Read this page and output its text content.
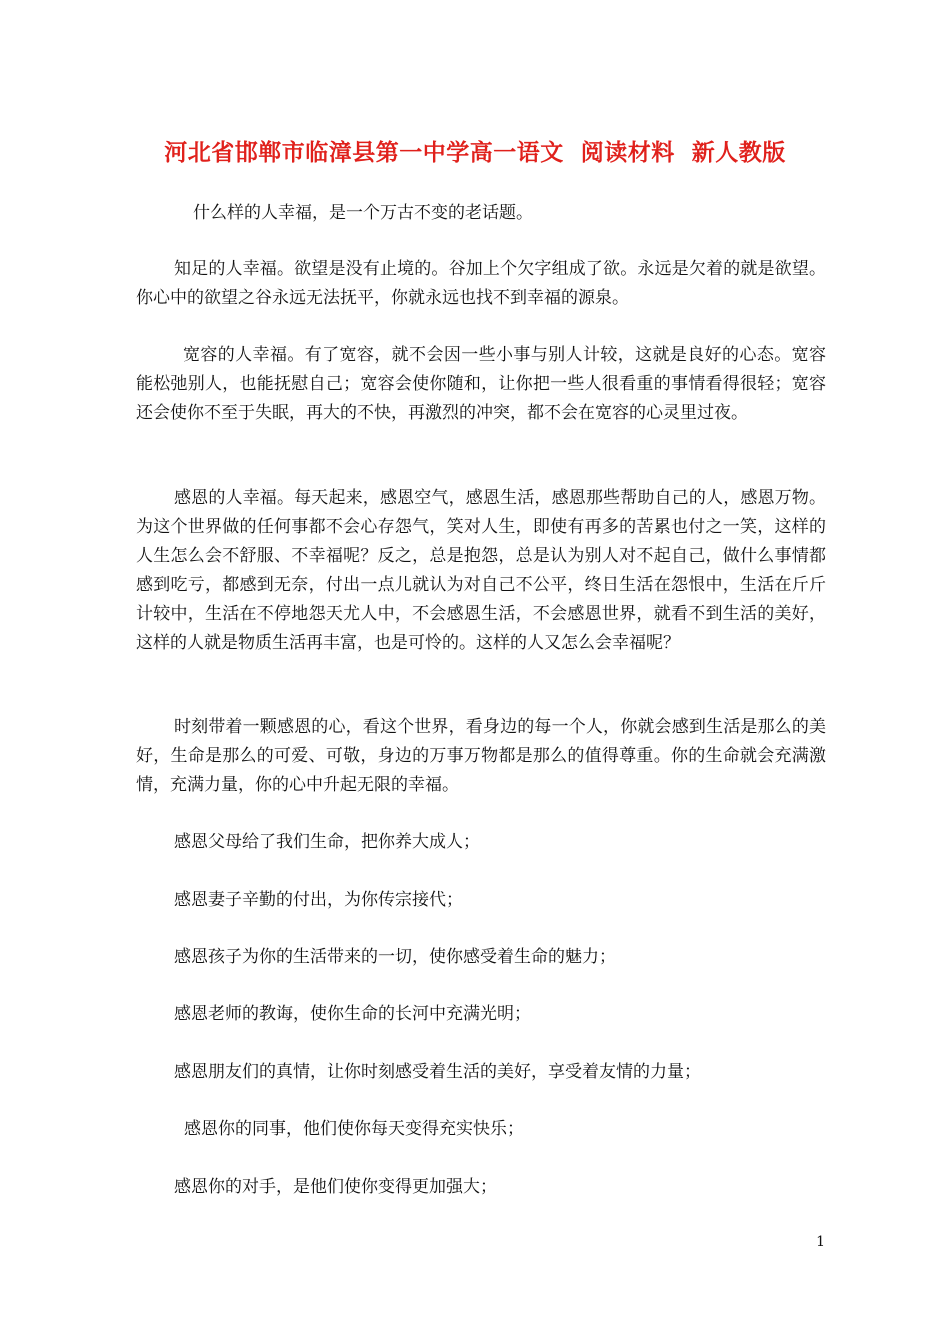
河北省邯郸市临漳县第一中学高一语文  阅读材料  新人教版
什么样的人幸福，是一个万古不变的老话题。
知足的人幸福。欲望是没有止境的。谷加上个欠字组成了欲。永远是欠着的就是欲望。你心中的欲望之谷永远无法抚平，你就永远也找不到幸福的源泉。
宽容的人幸福。有了宽容，就不会因一些小事与别人计较，这就是良好的心态。宽容能松弛别人，也能抚慰自己；宽容会使你随和，让你把一些人很看重的事情看得很轻；宽容还会使你不至于失眠，再大的不快，再激烈的冲突，都不会在宽容的心灵里过夜。
感恩的人幸福。每天起来，感恩空气，感恩生活，感恩那些帮助自己的人，感恩万物。为这个世界做的任何事都不会心存怨气，笑对人生，即使有再多的苦累也付之一笑，这样的人生怎么会不舒服、不幸福呢？反之，总是抱怨，总是认为别人对不起自己，做什么事情都感到吃亏，都感到无奈，付出一点儿就认为对自己不公平，终日生活在怨恨中，生活在斤斤计较中，生活在不停地怨天尤人中，不会感恩生活，不会感恩世界，就看不到生活的美好，这样的人就是物质生活再丰富，也是可怜的。这样的人又怎么会幸福呢？
时刻带着一颗感恩的心，看这个世界，看身边的每一个人，你就会感到生活是那么的美好，生命是那么的可爱、可敬，身边的万事万物都是那么的值得尊重。你的生命就会充满激情，充满力量，你的心中升起无限的幸福。
感恩父母给了我们生命，把你养大成人；
感恩妻子辛勤的付出，为你传宗接代；
感恩孩子为你的生活带来的一切，使你感受着生命的魅力；
感恩老师的教诲，使你生命的长河中充满光明；
感恩朋友们的真情，让你时刻感受着生活的美好，享受着友情的力量；
感恩你的同事，他们使你每天变得充实快乐；
感恩你的对手，是他们使你变得更加强大；
1
